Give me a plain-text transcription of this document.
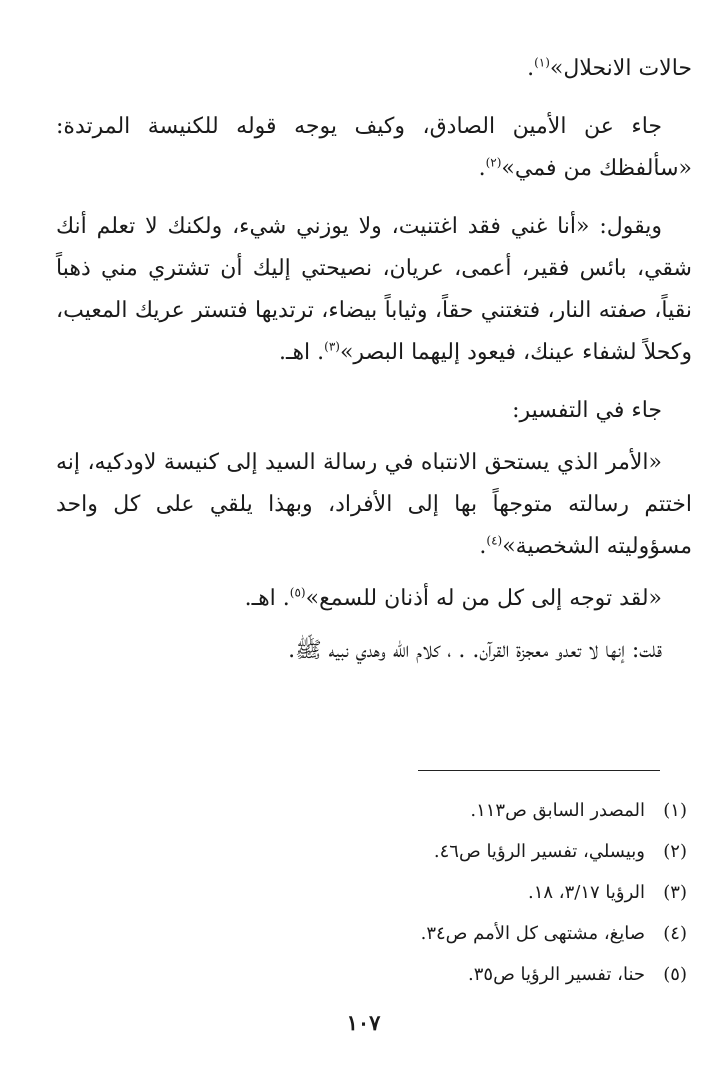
حالات الانحلال»$^{(١)}$.

جاء عن الأمين الصادق، وكيف يوجه قوله للكنيسة المرتدة: «سألفظك من فمي»$^{(٢)}$.

ويقول: «أنا غني فقد اغتنيت، ولا يوزني شيء، ولكنك لا تعلم أنك شقي، بائس فقير، أعمى، عريان، نصيحتي إليك أن تشتري مني ذهباً نقياً، صفته النار، فتغتني حقاً، وثياباً بيضاء، ترتديها فتستر عريك المعيب، وكحلاً لشفاء عينك، فيعود إليهما البصر»$^{(٣)}$. اهـ.

جاء في التفسير:

«الأمر الذي يستحق الانتباه في رسالة السيد إلى كنيسة لاودكيه، إنه اختتم رسالته متوجهاً بها إلى الأفراد، وبهذا يلقي على كل واحد مسؤوليته الشخصية»$^{(٤)}$.

«لقد توجه إلى كل من له أذنان للسمع»$^{(٥)}$. اهـ.

قلت: إنها لا تعدو معجزة القرآن. . ، كلام الله وهدي نبيه ﷺ.

(١)المصدر السابق ص١١٣.
(٢)وبيسلي، تفسير الرؤيا ص٤٦.
(٣)الرؤيا ٣/١٧، ١٨.
(٤)صايغ، مشتهى كل الأمم ص٣٤.
(٥)حنا، تفسير الرؤيا ص٣٥.
١٠٧
